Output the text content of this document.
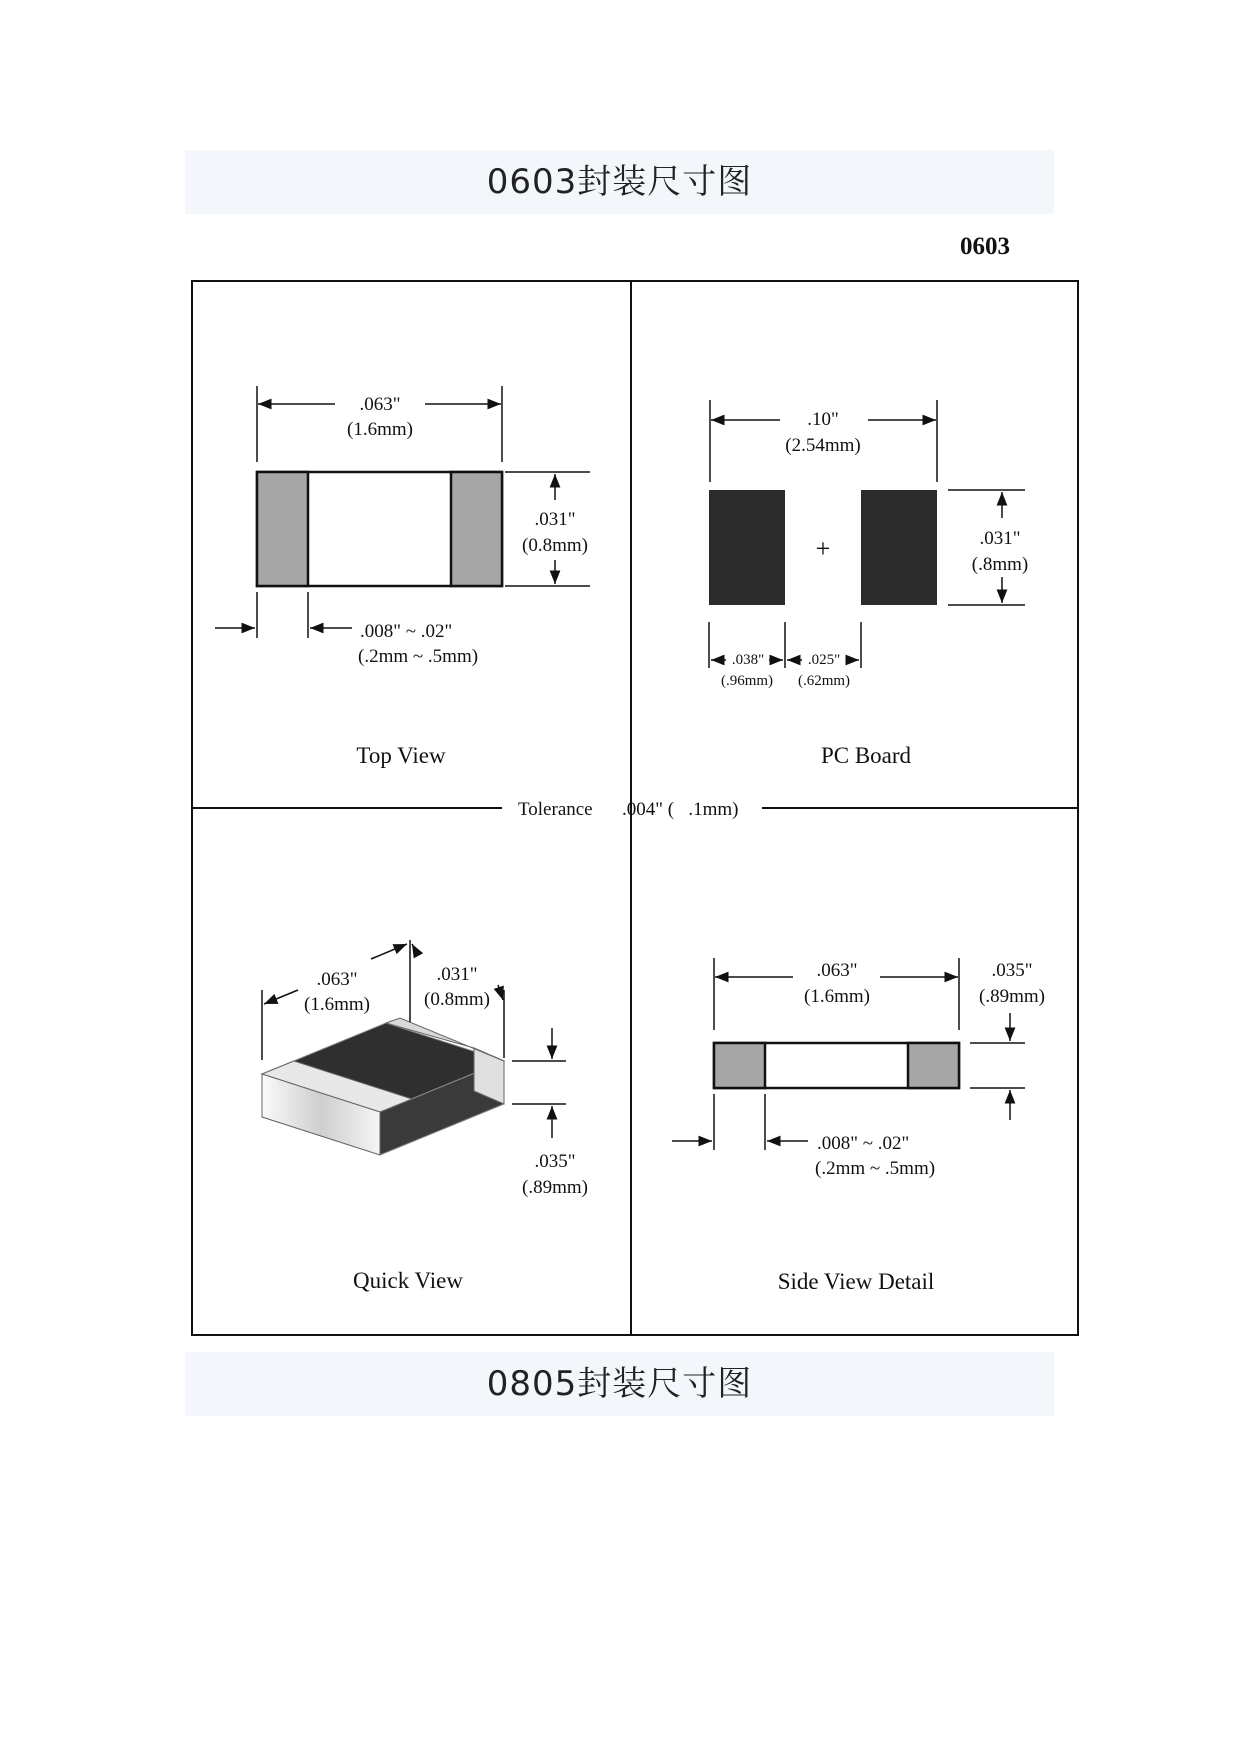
0603封装尺寸图
0603
.063"
(1.6mm)
.031"
(0.8mm)
.008" ~ .02"
(.2mm ~ .5mm)
Top View
.10"
(2.54mm)
+	.031"
(.8mm)
.038"
(.96mm)
.025"
(.62mm)
PC Board
Tolerance .004" (   .1mm)
.063"
(1.6mm)
.031"
(0.8mm)
.035"
(.89mm)
Quick View
.063"
(1.6mm)
.035"
(.89mm)
.008" ~ .02"
(.2mm ~ .5mm)
Side View Detail
0805封装尺寸图
